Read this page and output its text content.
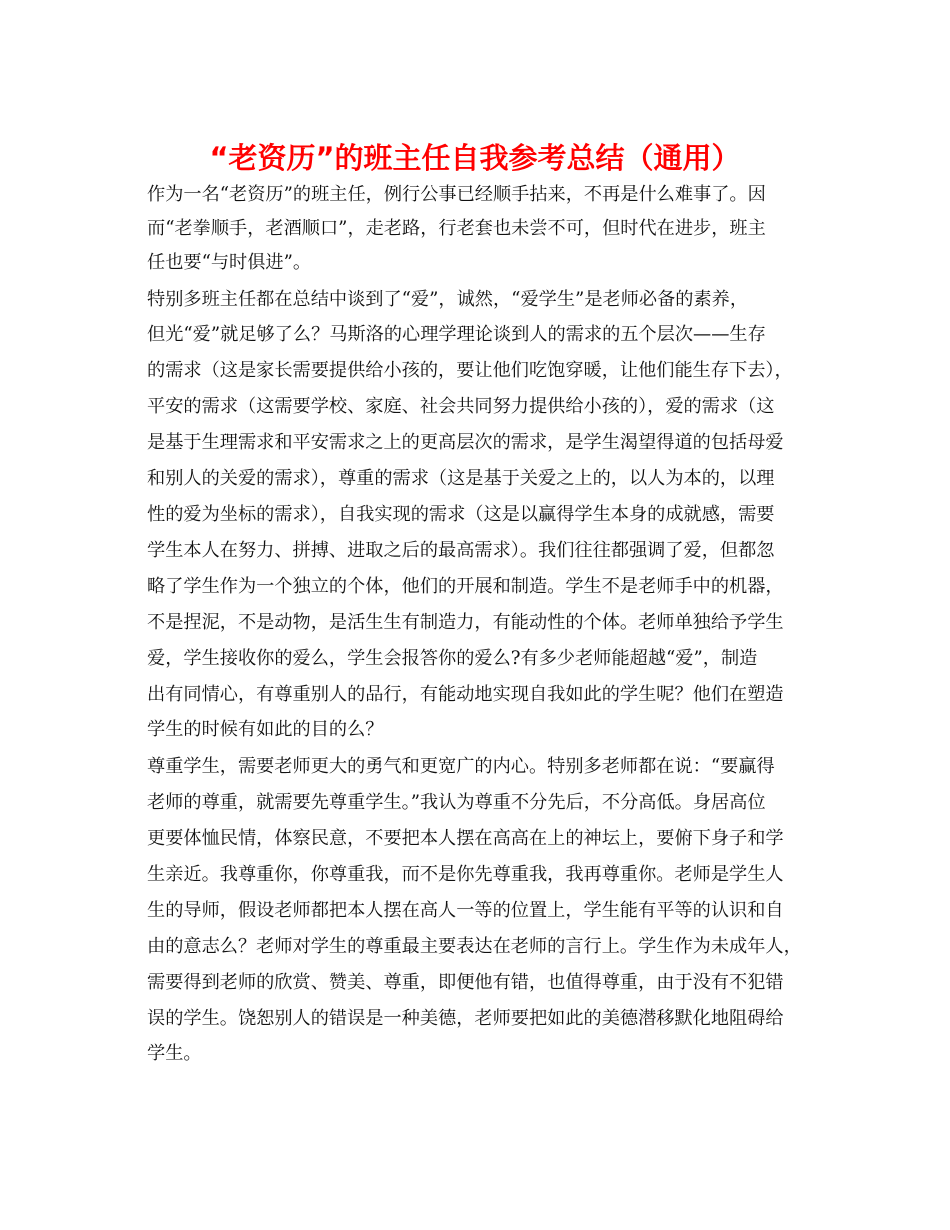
“老资历”的班主任自我参考总结（通用）
作为一名“老资历”的班主任，例行公事已经顺手拈来，不再是什么难事了。因
而“老拳顺手，老酒顺口”，走老路，行老套也未尝不可，但时代在进步，班主
任也要“与时俱进”。
特别多班主任都在总结中谈到了“爱”，诚然，“爱学生”是老师必备的素养，
但光“爱”就足够了么？马斯洛的心理学理论谈到人的需求的五个层次——生存
的需求（这是家长需要提供给小孩的，要让他们吃饱穿暖，让他们能生存下去），
平安的需求（这需要学校、家庭、社会共同努力提供给小孩的），爱的需求（这
是基于生理需求和平安需求之上的更高层次的需求，是学生渴望得道的包括母爱
和别人的关爱的需求），尊重的需求（这是基于关爱之上的，以人为本的，以理
性的爱为坐标的需求），自我实现的需求（这是以赢得学生本身的成就感，需要
学生本人在努力、拼搏、进取之后的最高需求）。我们往往都强调了爱，但都忽
略了学生作为一个独立的个体，他们的开展和制造。学生不是老师手中的机器，
不是捏泥，不是动物，是活生生有制造力，有能动性的个体。老师单独给予学生
爱，学生接收你的爱么，学生会报答你的爱么?有多少老师能超越“爱”，制造
出有同情心，有尊重别人的品行，有能动地实现自我如此的学生呢？他们在塑造
学生的时候有如此的目的么？
尊重学生，需要老师更大的勇气和更宽广的内心。特别多老师都在说：“要赢得
老师的尊重，就需要先尊重学生。”我认为尊重不分先后，不分高低。身居高位
更要体恤民情，体察民意，不要把本人摆在高高在上的神坛上，要俯下身子和学
生亲近。我尊重你，你尊重我，而不是你先尊重我，我再尊重你。老师是学生人
生的导师，假设老师都把本人摆在高人一等的位置上，学生能有平等的认识和自
由的意志么？老师对学生的尊重最主要表达在老师的言行上。学生作为未成年人，
需要得到老师的欣赏、赞美、尊重，即便他有错，也值得尊重，由于没有不犯错
误的学生。饶恕别人的错误是一种美德，老师要把如此的美德潜移默化地阻碍给
学生。
